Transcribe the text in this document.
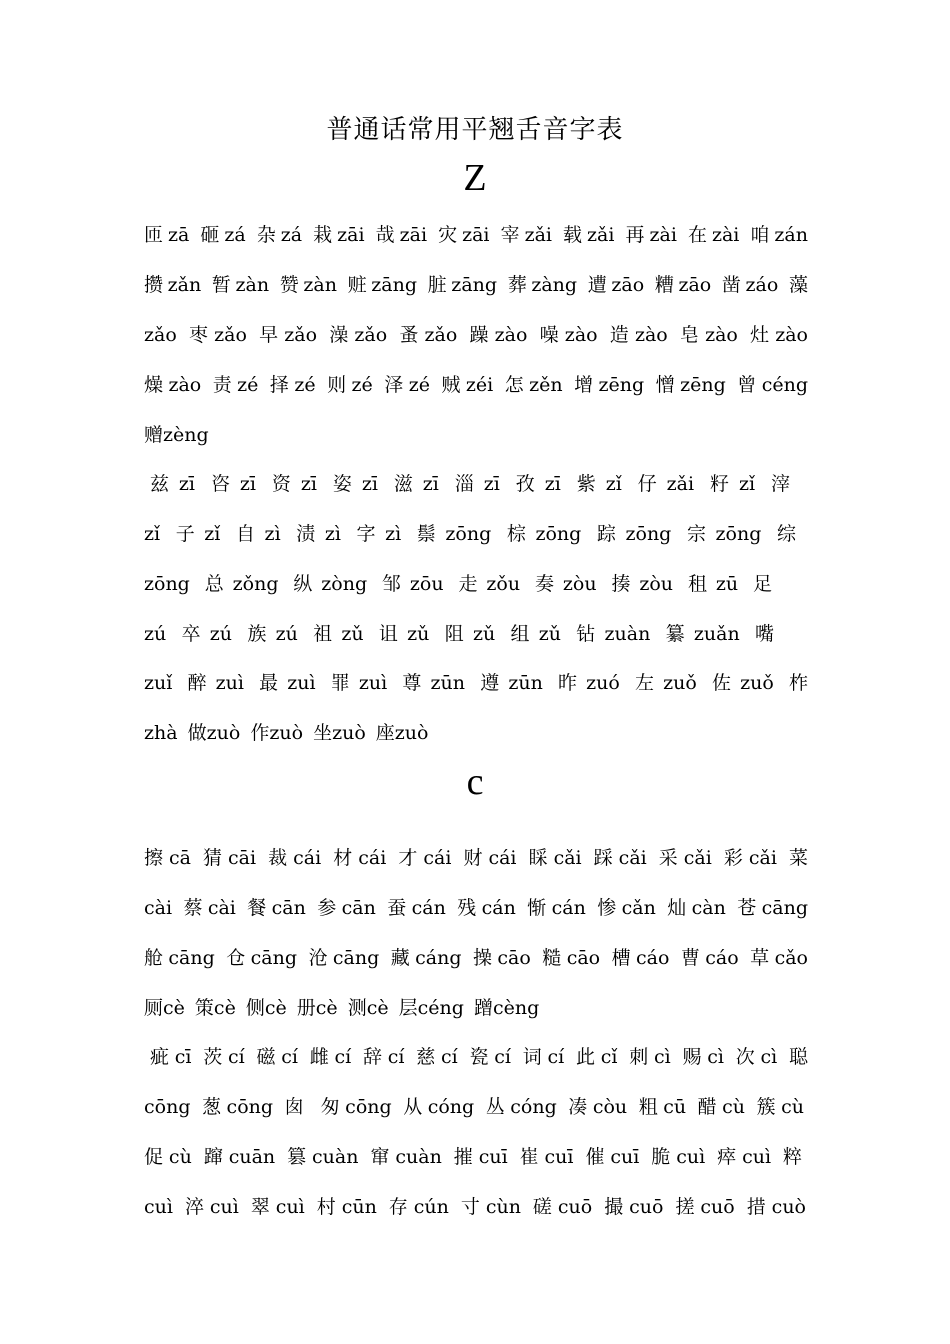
普通话常用平翘舌音字表
Z
匝zā 砸zá 杂zá 栽zāi 哉zāi 灾zāi 宰zǎi 载zǎi 再zài 在zài 咱zán
攒zǎn 暂zàn 赞zàn 赃zāng 脏zāng 葬zàng 遭zāo 糟zāo 凿záo 藻
zǎo 枣zǎo 早zǎo 澡zǎo 蚤zǎo 躁zào 噪zào 造zào 皂zào 灶zào
燥zào 责zé 择zé 则zé 泽zé 贼zéi 怎zěn 增zēng 憎zēng 曾céng
赠zèng
兹zī 咨zī 资zī 姿zī 滋zī 淄zī 孜zī 紫zǐ 仔zǎi 籽zǐ 滓
zǐ 子zǐ 自zì 渍zì 字zì 鬃zōng 棕zōng 踪zōng 宗zōng 综
zōng 总zǒng 纵zòng 邹zōu 走zǒu 奏zòu 揍zòu 租zū 足
zú 卒zú 族zú 祖zǔ 诅zǔ 阻zǔ 组zǔ 钻zuàn 纂zuǎn 嘴
zuǐ 醉zuì 最zuì 罪zuì 尊zūn 遵zūn 昨zuó 左zuǒ 佐zuǒ 柞
zhà 做zuò 作zuò 坐zuò 座zuò
c
擦cā 猜cāi 裁cái 材cái 才cái 财cái 睬cǎi 踩cǎi 采cǎi 彩cǎi 菜
cài 蔡cài 餐cān 参cān 蚕cán 残cán 惭cán 惨cǎn 灿càn 苍cāng
舱cāng 仓cāng 沧cāng 藏cáng 操cāo 糙cāo 槽cáo 曹cáo 草cǎo
厕cè 策cè 侧cè 册cè 测cè 层céng 蹭cèng
疵cī 茨cí 磁cí 雌cí 辞cí 慈cí 瓷cí 词cí 此cǐ 刺cì 赐cì 次cì 聪
cōng 葱cōng 囱 匆cōng 从cóng 丛cóng 凑còu 粗cū 醋cù 簇cù
促cù 蹿cuān 篡cuàn 窜cuàn 摧cuī 崔cuī 催cuī 脆cuì 瘁cuì 粹
cuì 淬cuì 翠cuì 村cūn 存cún 寸cùn 磋cuō 撮cuō 搓cuō 措cuò
